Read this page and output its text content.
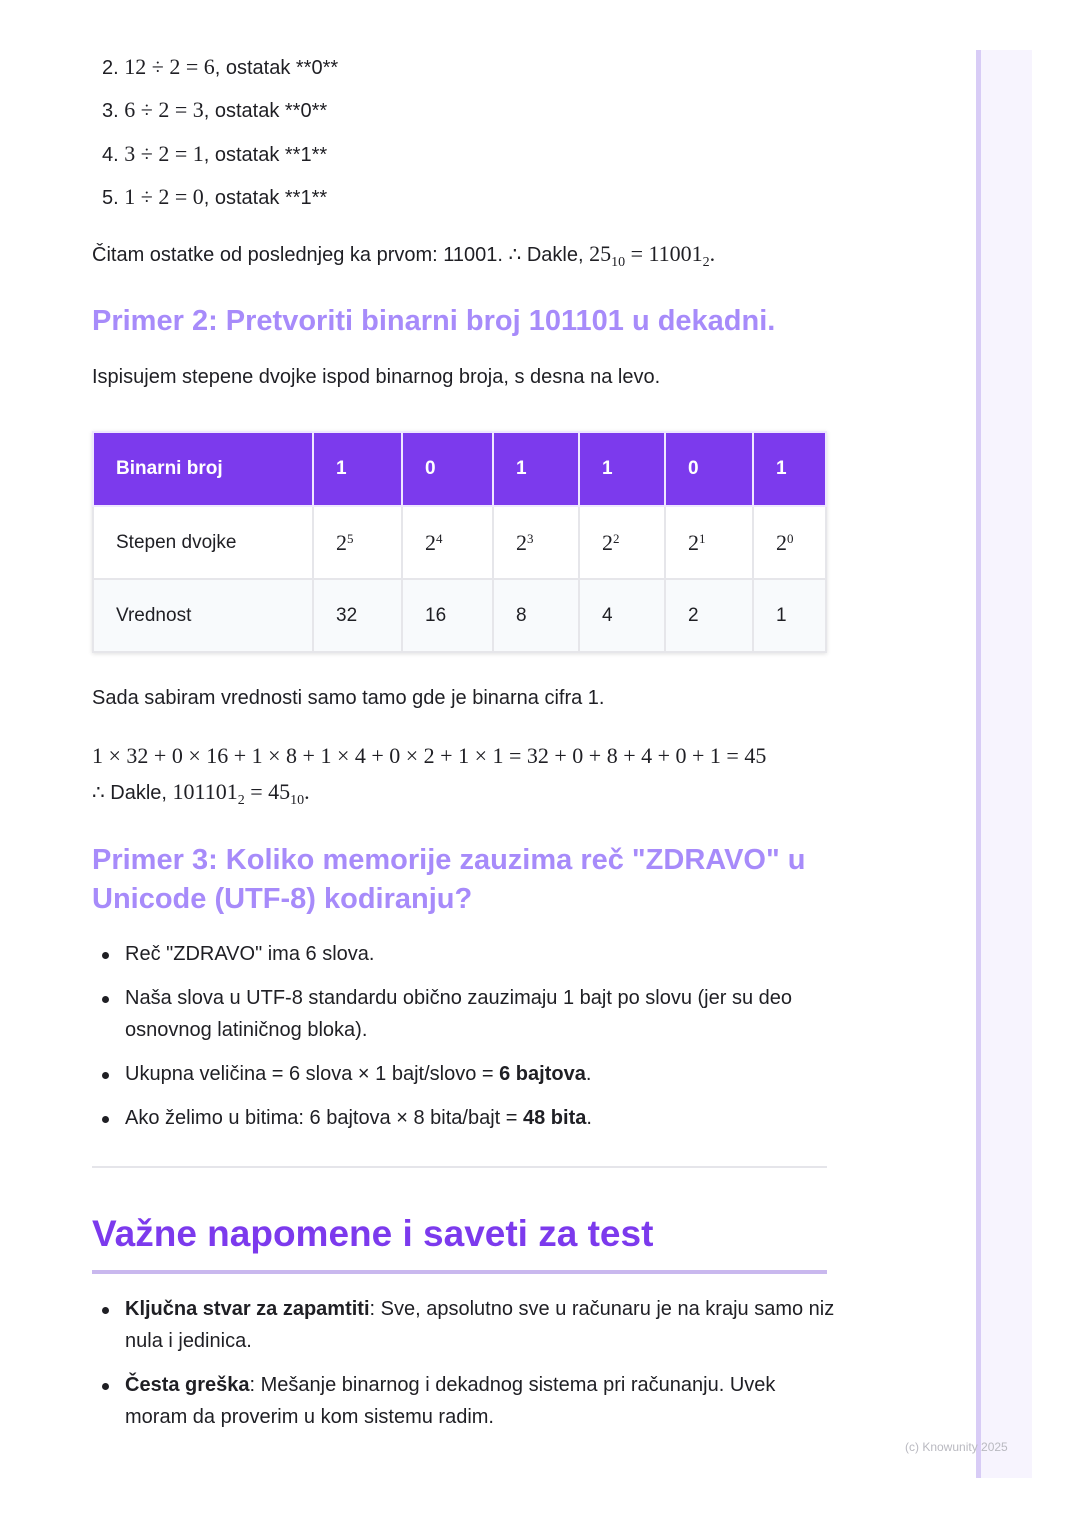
2. 12 ÷ 2 = 6, ostatak **0**
3. 6 ÷ 2 = 3, ostatak **0**
4. 3 ÷ 2 = 1, ostatak **1**
5. 1 ÷ 2 = 0, ostatak **1**
Čitam ostatke od poslednjeg ka prvom: 11001. ∴ Dakle, $25_{10} = 11001_2$.
Primer 2: Pretvoriti binarni broj 101101 u dekadni.
Ispisujem stepene dvojke ispod binarnog broja, s desna na levo.
Binarni broj	1	0	1	1	0	1
Stepen dvojke	$2^5$	$2^4$	$2^3$	$2^2$	$2^1$	$2^0$
Vrednost	32	16	8	4	2	1
Sada sabiram vrednosti samo tamo gde je binarna cifra 1.
1 × 32 + 0 × 16 + 1 × 8 + 1 × 4 + 0 × 2 + 1 × 1 = 32 + 0 + 8 + 4 + 0 + 1 = 45
∴ Dakle, $101101_2 = 45_{10}$.
Primer 3: Koliko memorije zauzima reč "ZDRAVO" u
Unicode (UTF-8) kodiranju?
Reč "ZDRAVO" ima 6 slova.
Naša slova u UTF-8 standardu obično zauzimaju 1 bajt po slovu (jer su deo
osnovnog latiničnog bloka).
Ukupna veličina = 6 slova × 1 bajt/slovo = 6 bajtova.
Ako želimo u bitima: 6 bajtova × 8 bita/bajt = 48 bita.
Važne napomene i saveti za test
Ključna stvar za zapamtiti: Sve, apsolutno sve u računaru je na kraju samo niz
nula i jedinica.
Česta greška: Mešanje binarnog i dekadnog sistema pri računanju. Uvek
moram da proverim u kom sistemu radim.
(c) Knowunity 2025
